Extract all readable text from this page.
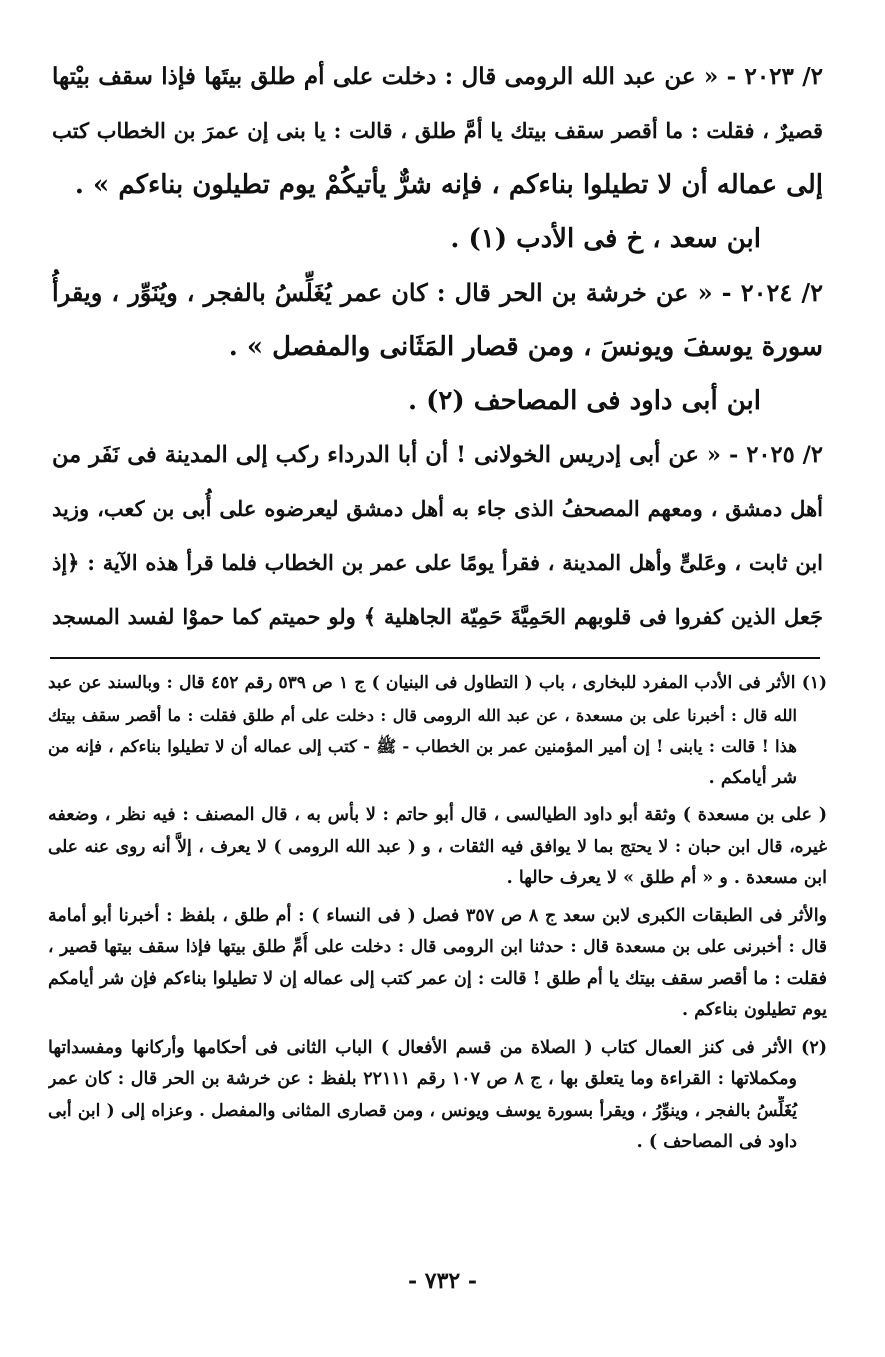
٢/ ٢٠٢٣ - « عن عبد الله الرومى قال : دخلت على أم طلق بيتَها فإذا سقف بيْتها
قصيرٌ ، فقلت : ما أقصر سقف بيتك يا أمَّ طلق ، قالت : يا بنى إن عمرَ بن الخطاب كتب
إلى عماله أن لا تطيلوا بناءكم ، فإنه شرٌّ يأتيكُمْ يوم تطيلون بناءكم » .
ابن سعد ، خ فى الأدب (١) .
٢/ ٢٠٢٤ - « عن خرشة بن الحر قال : كان عمر يُغَلِّسُ بالفجر ، ويُنَوِّر ، ويقرأُ
سورة يوسفَ ويونسَ ، ومن قصار المَثَانى والمفصل » .
ابن أبى داود فى المصاحف (٢) .
٢/ ٢٠٢٥ - « عن أبى إدريس الخولانى ! أن أبا الدرداء ركب إلى المدينة فى نَفَر من
أهل دمشق ، ومعهم المصحفُ الذى جاء به أهل دمشق ليعرضوه على أُبى بن كعب، وزيد
ابن ثابت ، وعَلىٍّ وأهل المدينة ، فقرأ يومًا على عمر بن الخطاب فلما قرأ هذه الآية : ﴿إذ
جَعل الذين كفروا فى قلوبهم الحَمِيَّةَ حَمِيّة الجاهلية ﴾ ولو حميتم كما حموْا لفسد المسجد
(١) الأثر فى الأدب المفرد للبخارى ، باب ( التطاول فى البنيان ) ج ١ ص ٥٣٩ رقم ٤٥٢ قال : وبالسند عن عبد
الله قال : أخبرنا على بن مسعدة ، عن عبد الله الرومى قال : دخلت على أم طلق فقلت : ما أقصر سقف بيتك
هذا ! قالت : يابنى ! إن أمير المؤمنين عمر بن الخطاب - ﷺ - كتب إلى عماله أن لا تطيلوا بناءكم ، فإنه من
شر أيامكم .
( على بن مسعدة ) وثقة أبو داود الطيالسى ، قال أبو حاتم : لا بأس به ، قال المصنف : فيه نظر ، وضعفه
غيره، قال ابن حبان : لا يحتج بما لا يوافق فيه الثقات ، و ( عبد الله الرومى ) لا يعرف ، إلاَّ أنه روى عنه على
ابن مسعدة . و « أم طلق » لا يعرف حالها .
والأثر فى الطبقات الكبرى لابن سعد ج ٨ ص ٣٥٧ فصل ( فى النساء ) : أم طلق ، بلفظ : أخبرنا أبو أمامة
قال : أخبرنى على بن مسعدة قال : حدثنا ابن الرومى قال : دخلت على أُمِّ طلق بيتها فإذا سقف بيتها قصير ،
فقلت : ما أقصر سقف بيتك يا أم طلق ! قالت : إن عمر كتب إلى عماله إن لا تطيلوا بناءكم فإن شر أيامكم
يوم تطيلون بناءكم .
(٢) الأثر فى كنز العمال كتاب ( الصلاة من قسم الأفعال ) الباب الثانى فى أحكامها وأركانها ومفسداتها
ومكملاتها : القراءة وما يتعلق بها ، ج ٨ ص ١٠٧ رقم ٢٢١١١ بلفظ : عن خرشة بن الحر قال : كان عمر
يُغَلِّسُ بالفجر ، وينوِّرُ ، ويقرأ بسورة يوسف ويونس ، ومن قصارى المثانى والمفصل . وعزاه إلى ( ابن أبى
داود فى المصاحف ) .
- ٧٣٢ -
